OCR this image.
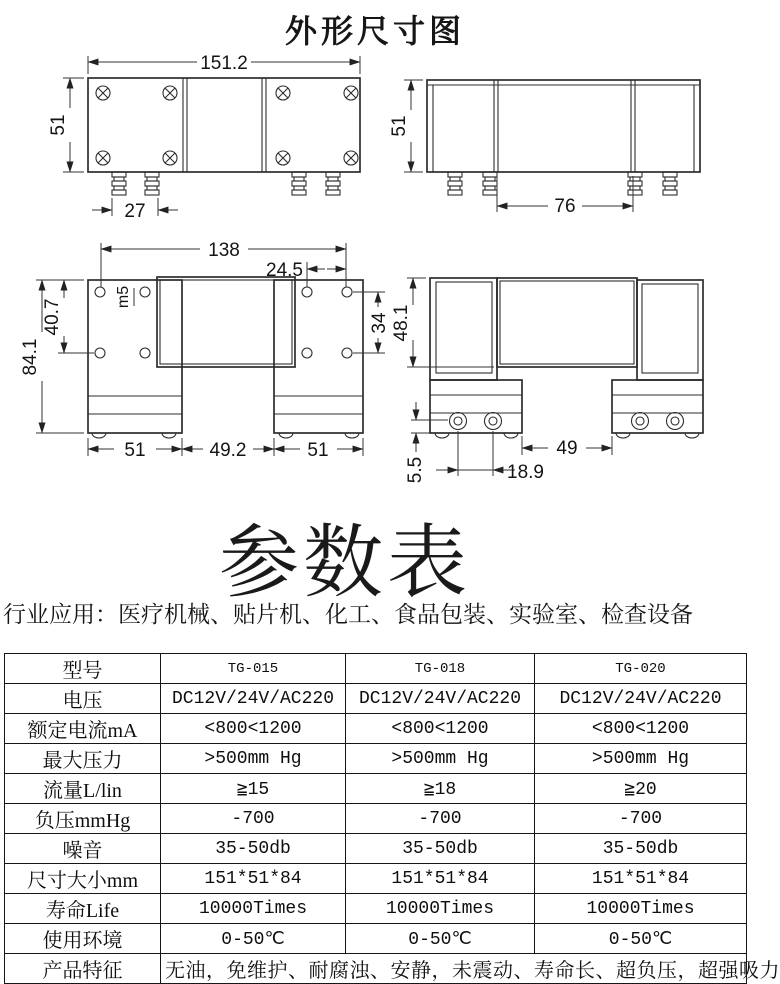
外形尺寸图
151.2
51
27
51
76
m5
138
24.5
84.1
40.7	34
51	49.2	51
48.1
5.5
49
18.9
参数表
行业应用：医疗机械、贴片机、化工、食品包装、实验室、检查设备
型号	TG-015	TG-018	TG-020
电压	DC12V/24V/AC220	DC12V/24V/AC220	DC12V/24V/AC220
额定电流mA	<800<1200	<800<1200	<800<1200
最大压力	>500mm Hg	>500mm Hg	>500mm Hg
流量L/lin	≧15	≧18	≧20
负压mmHg	-700	-700	-700
噪音	35-50db	35-50db	35-50db
尺寸大小mm	151*51*84	151*51*84	151*51*84
寿命Life	10000Times	10000Times	10000Times
使用环境	0-50℃	0-50℃	0-50℃
产品特征	无油，免维护、耐腐浊、安静，未震动、寿命长、超负压，超强吸力		
